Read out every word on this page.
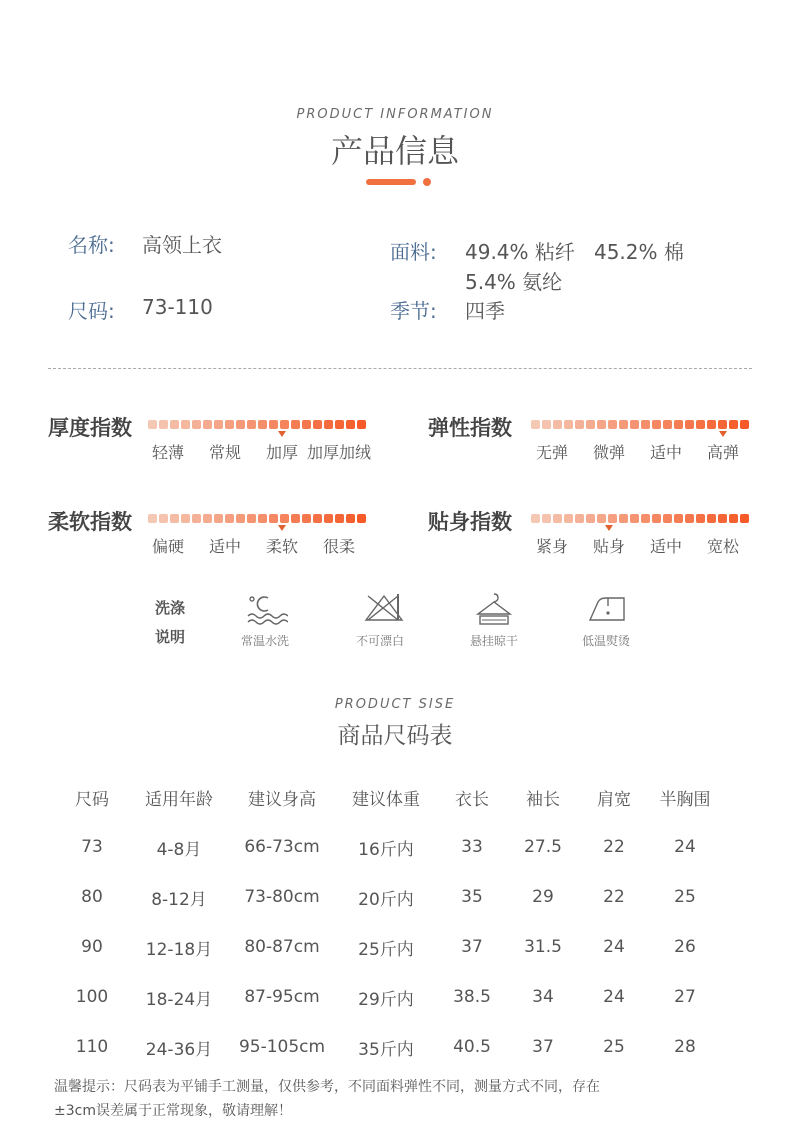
PRODUCT INFORMATION
产品信息
名称: 高领上衣
尺码: 73-110
面料: 49.4% 粘纤   45.2% 棉
5.4% 氨纶
季节: 四季
厚度指数
轻薄	常规	加厚 加厚加绒
弹性指数
无弹	微弹	适中	高弹
柔软指数
偏硬	适中	柔软	很柔
贴身指数
紧身	贴身	适中	宽松
洗涤
说明	常温水洗	不可漂白	悬挂晾干	低温熨烫
PRODUCT SISE
商品尺码表
尺码	适用年龄	建议身高	建议体重	衣长	袖长	肩宽	半胸围
73	4-8月	66-73cm	16斤内	33	27.5	22	24
80	8-12月	73-80cm	20斤内	35	29	22	25
90	12-18月	80-87cm	25斤内	37	31.5	24	26
100	18-24月	87-95cm	29斤内	38.5	34	24	27
110	24-36月	95-105cm	35斤内	40.5	37	25	28
温馨提示：尺码表为平铺手工测量，仅供参考，不同面料弹性不同，测量方式不同，存在
±3cm误差属于正常现象，敬请理解！
